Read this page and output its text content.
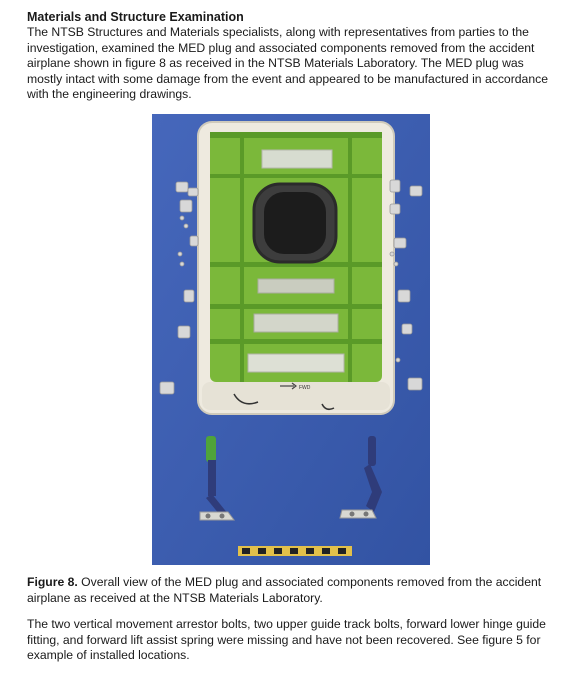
Materials and Structure Examination
The NTSB Structures and Materials specialists, along with representatives from parties to the investigation, examined the MED plug and associated components removed from the accident airplane shown in figure 8 as received in the NTSB Materials Laboratory. The MED plug was mostly intact with some damage from the event and appeared to be manufactured in accordance with the engineering drawings.
FWD
Figure 8. Overall view of the MED plug and associated components removed from the accident airplane as received at the NTSB Materials Laboratory.
The two vertical movement arrestor bolts, two upper guide track bolts, forward lower hinge guide fitting, and forward lift assist spring were missing and have not been recovered. See figure 5 for example of installed locations.
